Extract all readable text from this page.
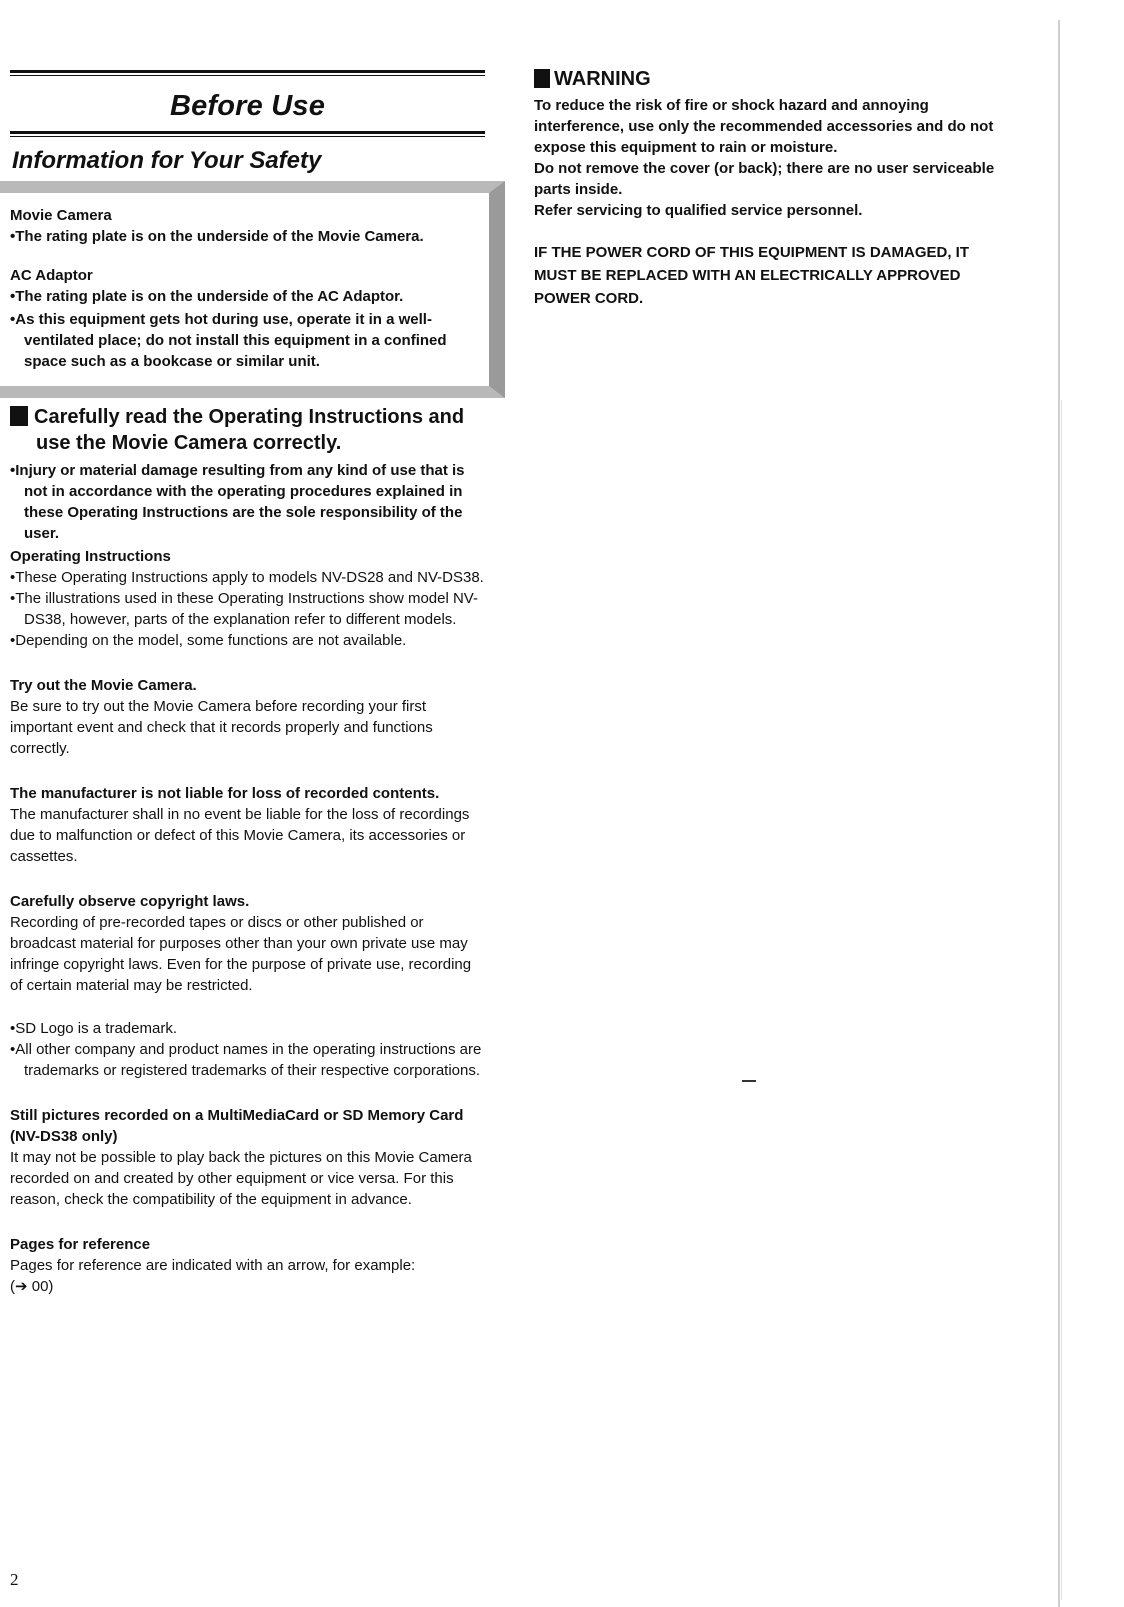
Before Use
Information for Your Safety

Movie Camera

•The rating plate is on the underside of the Movie Camera.

AC Adaptor

•The rating plate is on the underside of the AC Adaptor.

•As this equipment gets hot during use, operate it in a well-ventilated place; do not install this equipment in a confined space such as a bookcase or similar unit.

Carefully read the Operating Instructions and use the Movie Camera correctly.

•Injury or material damage resulting from any kind of use that is not in accordance with the operating procedures explained in these Operating Instructions are the sole responsibility of the user.

Operating Instructions

•These Operating Instructions apply to models NV-DS28 and NV-DS38.

•The illustrations used in these Operating Instructions show model NV-DS38, however, parts of the explanation refer to different models.

•Depending on the model, some functions are not available.

Try out the Movie Camera.

Be sure to try out the Movie Camera before recording your first important event and check that it records properly and functions correctly.

The manufacturer is not liable for loss of recorded contents.

The manufacturer shall in no event be liable for the loss of recordings due to malfunction or defect of this Movie Camera, its accessories or cassettes.

Carefully observe copyright laws.

Recording of pre-recorded tapes or discs or other published or broadcast material for purposes other than your own private use may infringe copyright laws. Even for the purpose of private use, recording of certain material may be restricted.

•SD Logo is a trademark.

•All other company and product names in the operating instructions are trademarks or registered trademarks of their respective corporations.

Still pictures recorded on a MultiMediaCard or SD Memory Card (NV-DS38 only)

It may not be possible to play back the pictures on this Movie Camera recorded on and created by other equipment or vice versa. For this reason, check the compatibility of the equipment in advance.

Pages for reference

Pages for reference are indicated with an arrow, for example:

(➔ 00)

WARNING

To reduce the risk of fire or shock hazard and annoying interference, use only the recommended accessories and do not expose this equipment to rain or moisture.

Do not remove the cover (or back); there are no user serviceable parts inside.

Refer servicing to qualified service personnel.

IF THE POWER CORD OF THIS EQUIPMENT IS DAMAGED, IT MUST BE REPLACED WITH AN ELECTRICALLY APPROVED POWER CORD.

2
